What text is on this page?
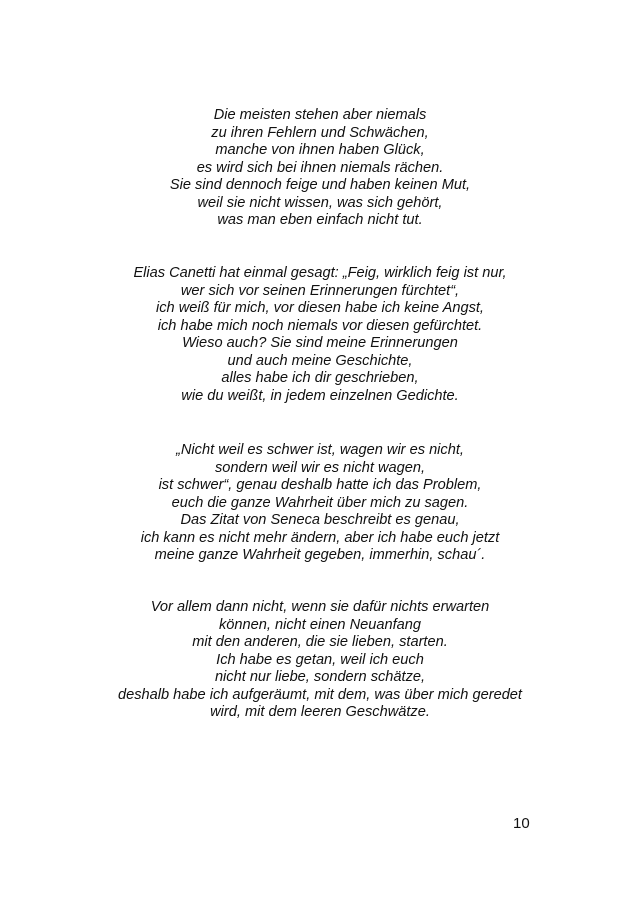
Die meisten stehen aber niemals
zu ihren Fehlern und Schwächen,
manche von ihnen haben Glück,
es wird sich bei ihnen niemals rächen.
Sie sind dennoch feige und haben keinen Mut,
weil sie nicht wissen, was sich gehört,
was man eben einfach nicht tut.
Elias Canetti hat einmal gesagt: „Feig, wirklich feig ist nur,
wer sich vor seinen Erinnerungen fürchtet“,
ich weiß für mich, vor diesen habe ich keine Angst,
ich habe mich noch niemals vor diesen gefürchtet.
Wieso auch? Sie sind meine Erinnerungen
und auch meine Geschichte,
alles habe ich dir geschrieben,
wie du weißt, in jedem einzelnen Gedichte.
„Nicht weil es schwer ist, wagen wir es nicht,
sondern weil wir es nicht wagen,
ist schwer“, genau deshalb hatte ich das Problem,
euch die ganze Wahrheit über mich zu sagen.
Das Zitat von Seneca beschreibt es genau,
ich kann es nicht mehr ändern, aber ich habe euch jetzt
meine ganze Wahrheit gegeben, immerhin, schau´.
Vor allem dann nicht, wenn sie dafür nichts erwarten
können, nicht einen Neuanfang
mit den anderen, die sie lieben, starten.
Ich habe es getan, weil ich euch
nicht nur liebe, sondern schätze,
deshalb habe ich aufgeräumt, mit dem, was über mich geredet
wird, mit dem leeren Geschwätze.
10
